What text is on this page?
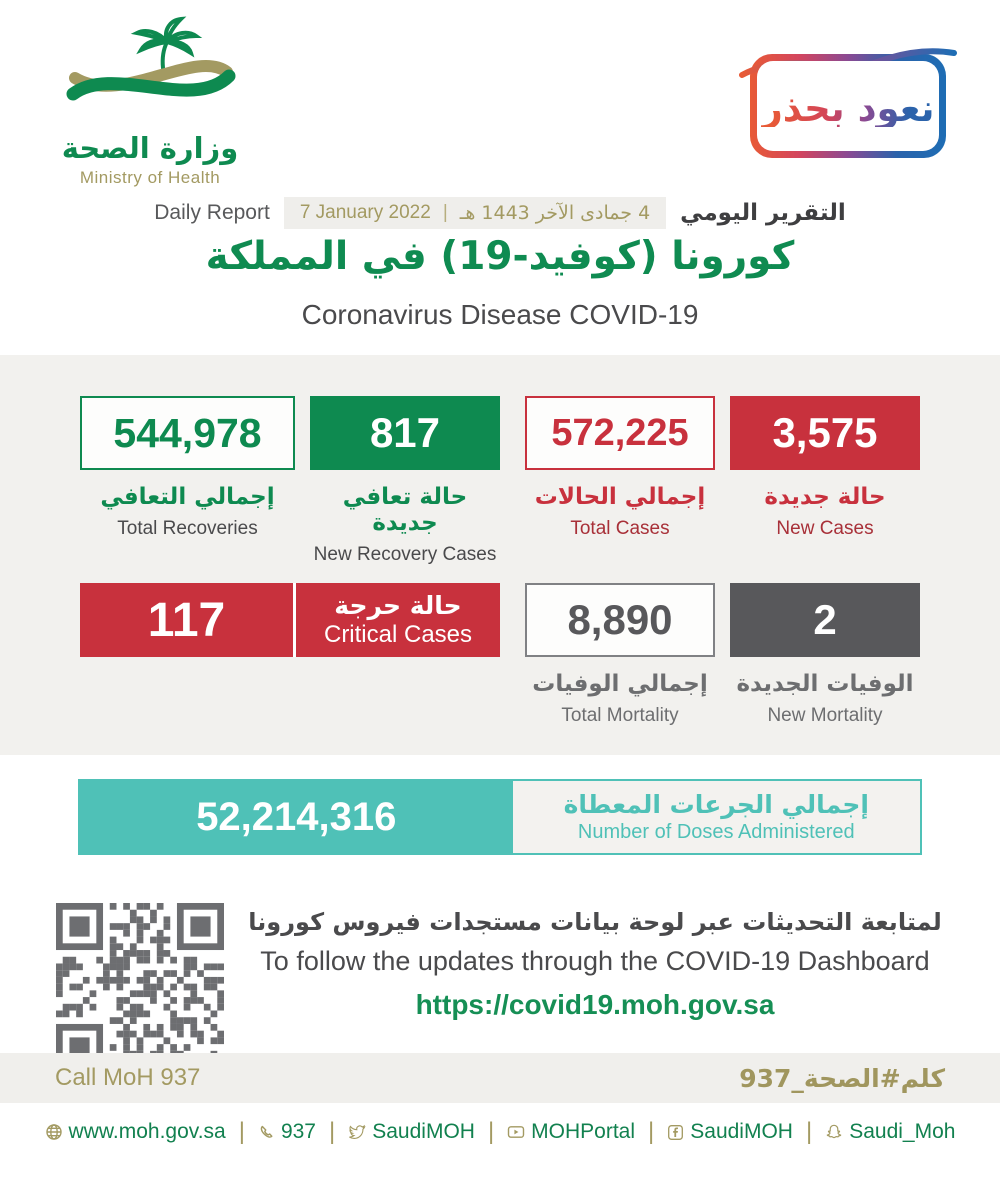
وزارة الصحة
Ministry of Health
نعود بحذر
Daily Report 7 January 2022 | 4 جمادى الآخر 1443 هـ التقرير اليومي
كورونا (كوفيد-19) في المملكة
Coronavirus Disease COVID-19
544,978
إجمالي التعافي
Total Recoveries
817
حالة تعافي جديدة
New Recovery Cases
572,225
إجمالي الحالات
Total Cases
3,575
حالة جديدة
New Cases
117	حالة حرجة
Critical Cases 8,890
إجمالي الوفيات
Total Mortality
2
الوفيات الجديدة
New Mortality
52,214,316	إجمالي الجرعات المعطاة
Number of Doses Administered
لمتابعة التحديثات عبر لوحة بيانات مستجدات فيروس كورونا
To follow the updates through the COVID-19 Dashboard
https://covid19.moh.gov.sa
Call MoH 937	كلم#الصحة_937
www.moh.gov.sa | 937 | SaudiMOH | MOHPortal | SaudiMOH | Saudi_Moh
